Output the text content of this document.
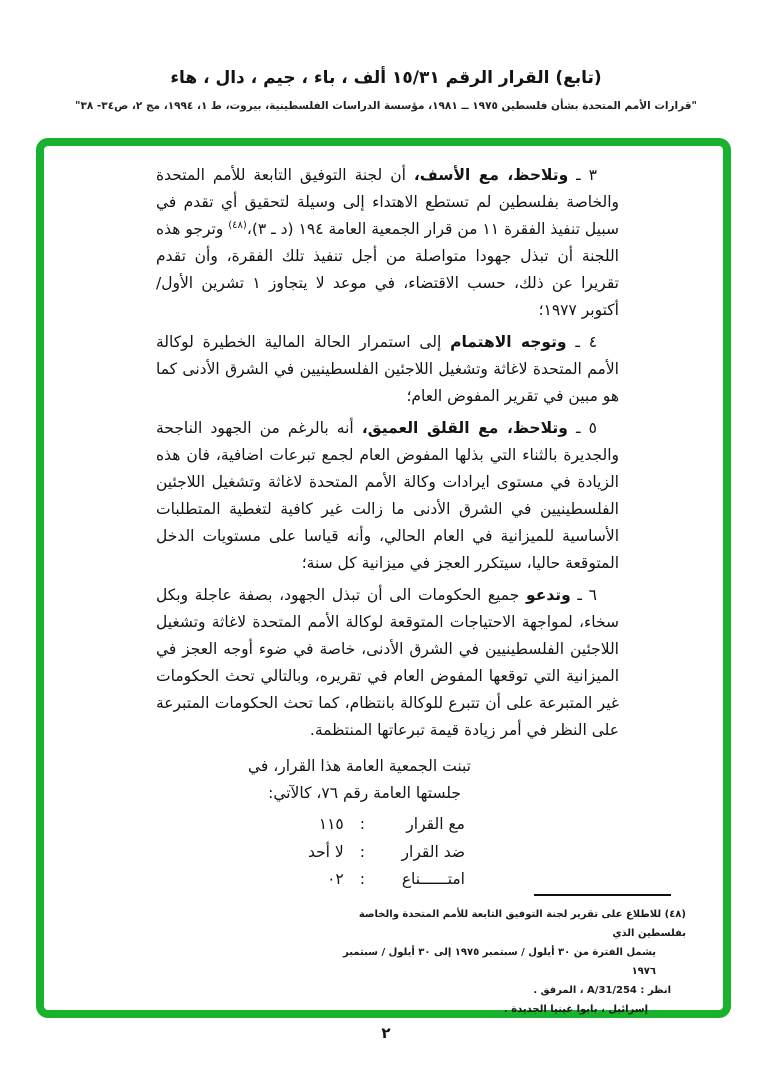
(تابع) القرار الرقم ١٥/٣١ ألف ، باء ، جيم ، دال ، هاء
"قرارات الأمم المتحدة بشأن فلسطين ١٩٧٥ ــ ١٩٨١، مؤسسة الدراسات الفلسطينية، بيروت، ط ١، ١٩٩٤، مج ٢، ص٣٤- ٣٨"

٣ ـ وتلاحظ، مع الأسف، أن لجنة التوفيق التابعة للأمم المتحدة والخاصة بفلسطين لم تستطع الاهتداء إلى وسيلة لتحقيق أي تقدم في سبيل تنفيذ الفقرة ١١ من قرار الجمعية العامة ١٩٤ (د ـ ٣)،$^{(٤٨)}$ وترجو هذه اللجنة أن تبذل جهودا متواصلة من أجل تنفيذ تلك الفقرة، وأن تقدم تقريرا عن ذلك، حسب الاقتضاء، في موعد لا يتجاوز ١ تشرين الأول/أكتوبر ١٩٧٧؛

٤ ـ وتوجه الاهتمام إلى استمرار الحالة المالية الخطيرة لوكالة الأمم المتحدة لاغاثة وتشغيل اللاجئين الفلسطينيين في الشرق الأدنى كما هو مبين في تقرير المفوض العام؛

٥ ـ وتلاحظ، مع القلق العميق، أنه بالرغم من الجهود الناجحة والجديرة بالثناء التي بذلها المفوض العام لجمع تبرعات اضافية، فان هذه الزيادة في مستوى ايرادات وكالة الأمم المتحدة لاغاثة وتشغيل اللاجئين الفلسطينيين في الشرق الأدنى ما زالت غير كافية لتغطية المتطلبات الأساسية للميزانية في العام الحالي، وأنه قياسا على مستويات الدخل المتوقعة حاليا، سيتكرر العجز في ميزانية كل سنة؛

٦ ـ وتدعو جميع الحكومات الى أن تبذل الجهود، بصفة عاجلة وبكل سخاء، لمواجهة الاحتياجات المتوقعة لوكالة الأمم المتحدة لاغاثة وتشغيل اللاجئين الفلسطينيين في الشرق الأدنى، خاصة في ضوء أوجه العجز في الميزانية التي توقعها المفوض العام في تقريره، وبالتالي تحث الحكومات غير المتبرعة على أن تتبرع للوكالة بانتظام، كما تحث الحكومات المتبرعة على النظر في أمر زيادة قيمة تبرعاتها المنتظمة.

تبنت الجمعية العامة هذا القرار، في
جلستها العامة رقم ٧٦، كالآتي:
مع القرار
:
١١٥
ضد القرار
:
لا أحد
امتــــــناع
:
٠٢
(٤٨) للاطلاع على تقرير لجنة التوفيق التابعة للأمم المتحدة والخاصة بفلسطين الذي
يشمل الفترة من ٣٠ أيلول / سبتمبر ١٩٧٥ إلى ٣٠ أيلول / سبتمبر ١٩٧٦
انظر : A/31/254 ، المرفق .
إسرائيل ، بابوا غينيا الجديدة .
٢
